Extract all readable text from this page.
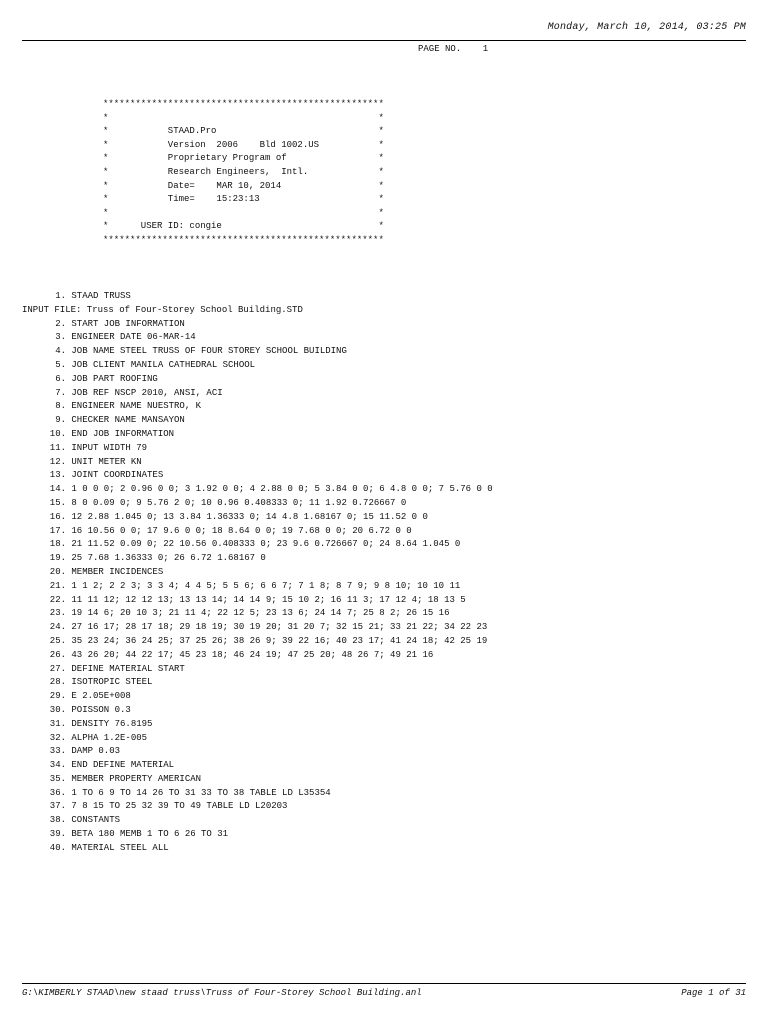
Monday, March 10, 2014, 03:25 PM
PAGE NO.    1
****************************************************
*                                                  *
*           STAAD.Pro                              *
*           Version  2006    Bld 1002.US           *
*           Proprietary Program of                 *
*           Research Engineers,  Intl.             *
*           Date=    MAR 10, 2014                  *
*           Time=    15:23:13                      *
*                                                  *
*      USER ID: congie                             *
****************************************************
1. STAAD TRUSS
INPUT FILE: Truss of Four-Storey School Building.STD
2. START JOB INFORMATION
3. ENGINEER DATE 06-MAR-14
4. JOB NAME STEEL TRUSS OF FOUR STOREY SCHOOL BUILDING
5. JOB CLIENT MANILA CATHEDRAL SCHOOL
6. JOB PART ROOFING
7. JOB REF NSCP 2010, ANSI, ACI
8. ENGINEER NAME NUESTRO, K
9. CHECKER NAME MANSAYON
10. END JOB INFORMATION
11. INPUT WIDTH 79
12. UNIT METER KN
13. JOINT COORDINATES
14. 1 0 0 0; 2 0.96 0 0; 3 1.92 0 0; 4 2.88 0 0; 5 3.84 0 0; 6 4.8 0 0; 7 5.76 0 0
15. 8 0 0.09 0; 9 5.76 2 0; 10 0.96 0.408333 0; 11 1.92 0.726667 0
16. 12 2.88 1.045 0; 13 3.84 1.36333 0; 14 4.8 1.68167 0; 15 11.52 0 0
17. 16 10.56 0 0; 17 9.6 0 0; 18 8.64 0 0; 19 7.68 0 0; 20 6.72 0 0
18. 21 11.52 0.09 0; 22 10.56 0.408333 0; 23 9.6 0.726667 0; 24 8.64 1.045 0
19. 25 7.68 1.36333 0; 26 6.72 1.68167 0
20. MEMBER INCIDENCES
21. 1 1 2; 2 2 3; 3 3 4; 4 4 5; 5 5 6; 6 6 7; 7 1 8; 8 7 9; 9 8 10; 10 10 11
22. 11 11 12; 12 12 13; 13 13 14; 14 14 9; 15 10 2; 16 11 3; 17 12 4; 18 13 5
23. 19 14 6; 20 10 3; 21 11 4; 22 12 5; 23 13 6; 24 14 7; 25 8 2; 26 15 16
24. 27 16 17; 28 17 18; 29 18 19; 30 19 20; 31 20 7; 32 15 21; 33 21 22; 34 22 23
25. 35 23 24; 36 24 25; 37 25 26; 38 26 9; 39 22 16; 40 23 17; 41 24 18; 42 25 19
26. 43 26 20; 44 22 17; 45 23 18; 46 24 19; 47 25 20; 48 26 7; 49 21 16
27. DEFINE MATERIAL START
28. ISOTROPIC STEEL
29. E 2.05E+008
30. POISSON 0.3
31. DENSITY 76.8195
32. ALPHA 1.2E-005
33. DAMP 0.03
34. END DEFINE MATERIAL
35. MEMBER PROPERTY AMERICAN
36. 1 TO 6 9 TO 14 26 TO 31 33 TO 38 TABLE LD L35354
37. 7 8 15 TO 25 32 39 TO 49 TABLE LD L20203
38. CONSTANTS
39. BETA 180 MEMB 1 TO 6 26 TO 31
40. MATERIAL STEEL ALL
G:\KIMBERLY STAAD\new staad truss\Truss of Four-Storey School Building.anl	Page 1 of 31
